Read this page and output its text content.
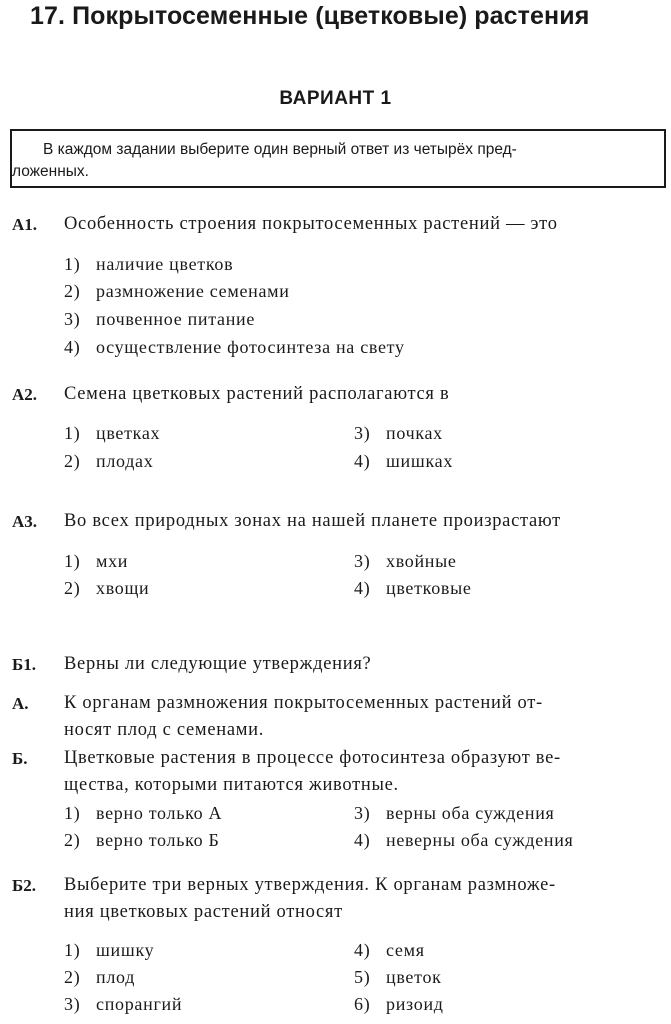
17. Покрытосеменные (цветковые) растения
ВАРИАНТ 1
В каждом задании выберите один верный ответ из четырёх пред-
ложенных.
А1. Особенность строения покрытосеменных растений — это
1) наличие цветков
2) размножение семенами
3) почвенное питание
4) осуществление фотосинтеза на свету
А2. Семена цветковых растений располагаются в
1) цветках
2) плодах
3) почках
4) шишках
А3. Во всех природных зонах на нашей планете произрастают
1) мхи
2) хвощи
3) хвойные
4) цветковые
Б1. Верны ли следующие утверждения?
А. К органам размножения покрытосеменных растений от-
носят плод с семенами.
Б. Цветковые растения в процессе фотосинтеза образуют ве-
щества, которыми питаются животные.
1) верно только А
2) верно только Б
3) верны оба суждения
4) неверны оба суждения
Б2. Выберите три верных утверждения. К органам размноже-
ния цветковых растений относят
1) шишку
2) плод
3) спорангий
4) семя
5) цветок
6) ризоид
